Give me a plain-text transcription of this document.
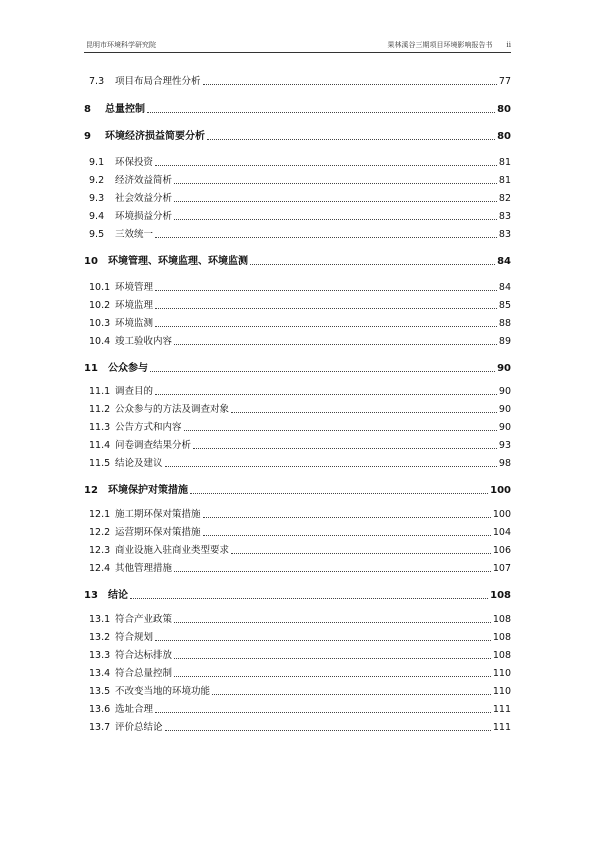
昆明市环境科学研究院	果林溪谷三期项目环境影响报告书 ii
7.3	项目布局合理性分析	77
8	总量控制	80
9	环境经济损益简要分析	80
9.1	环保投资	81
9.2	经济效益简析	81
9.3	社会效益分析	82
9.4	环境损益分析	83
9.5	三效统一	83
10	环境管理、环境监理、环境监测	84
10.1 环境管理	84
10.2 环境监理	85
10.3 环境监测	88
10.4 竣工验收内容	89
11	公众参与	90
11.1 调查目的	90
11.2 公众参与的方法及调查对象	90
11.3 公告方式和内容	90
11.4 问卷调查结果分析	93
11.5 结论及建议	98
12	环境保护对策措施	100
12.1 施工期环保对策措施	100
12.2 运营期环保对策措施	104
12.3 商业设施入驻商业类型要求	106
12.4 其他管理措施	107
13	结论	108
13.1 符合产业政策	108
13.2 符合规划	108
13.3 符合达标排放	108
13.4 符合总量控制	110
13.5 不改变当地的环境功能	110
13.6 选址合理	111
13.7 评价总结论	111
